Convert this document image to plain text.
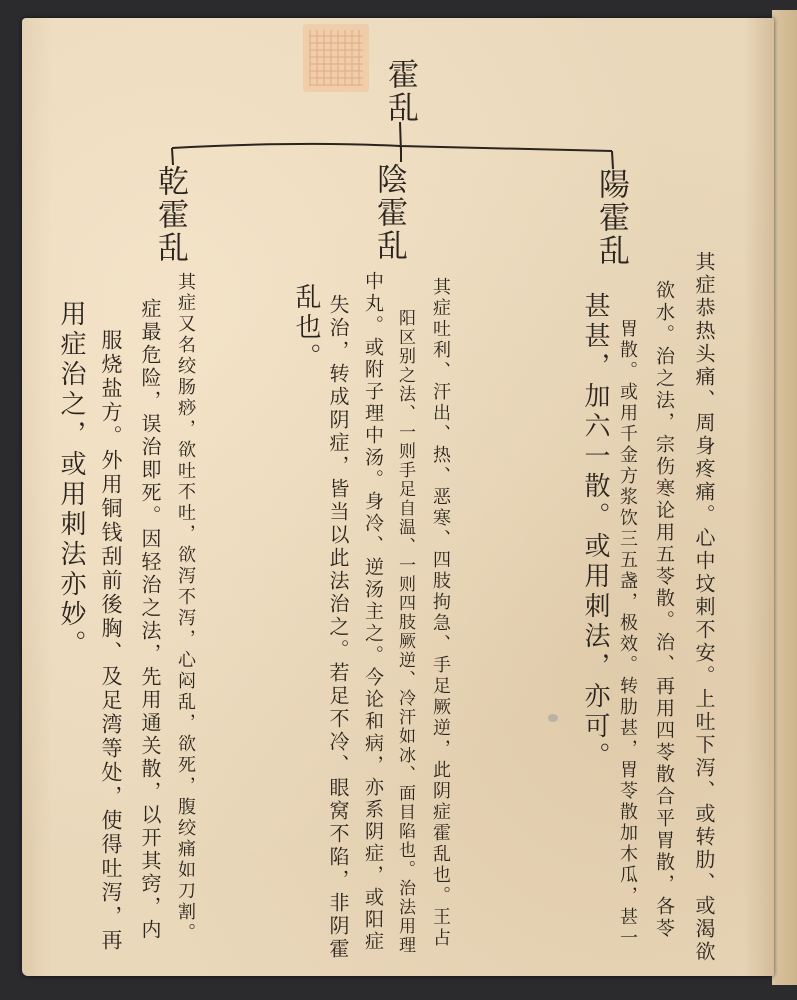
霍乱
乾霍乱	陰霍乱	陽霍乱
其症恭热头痛、周身疼痛。心中坟剌不安。上吐下泻、或转肋、或渴欲
欲水。治之法，宗伤寒论用五苓散。治、再用四苓散合平胃散，各苓
胃散。或用千金方浆饮三五盏，极效。转肋甚，胃苓散加木瓜，甚一
甚甚，加六一散。或用刺法，亦可。
其症吐利、汗出、热、恶寒、四肢拘急、手足厥逆，此阴症霍乱也。王占
阳区别之法、一则手足自温、一则四肢厥逆、冷汗如冰、面目陷也。治法用理
中丸。或附子理中汤。身冷、逆汤主之。今论和病，亦系阴症，或阳症
失治，转成阴症，皆当以此法治之。若足不冷、眼窝不陷，非阴霍
乱也。
其症又名绞肠痧，欲吐不吐，欲泻不泻，心闷乱，欲死，腹绞痛如刀割。
症最危险，误治即死。因轻治之法，先用通关散，以开其窍，内
服烧盐方。外用铜钱刮前後胸、及足湾等处，使得吐泻，再
用症治之，或用刺法亦妙。
